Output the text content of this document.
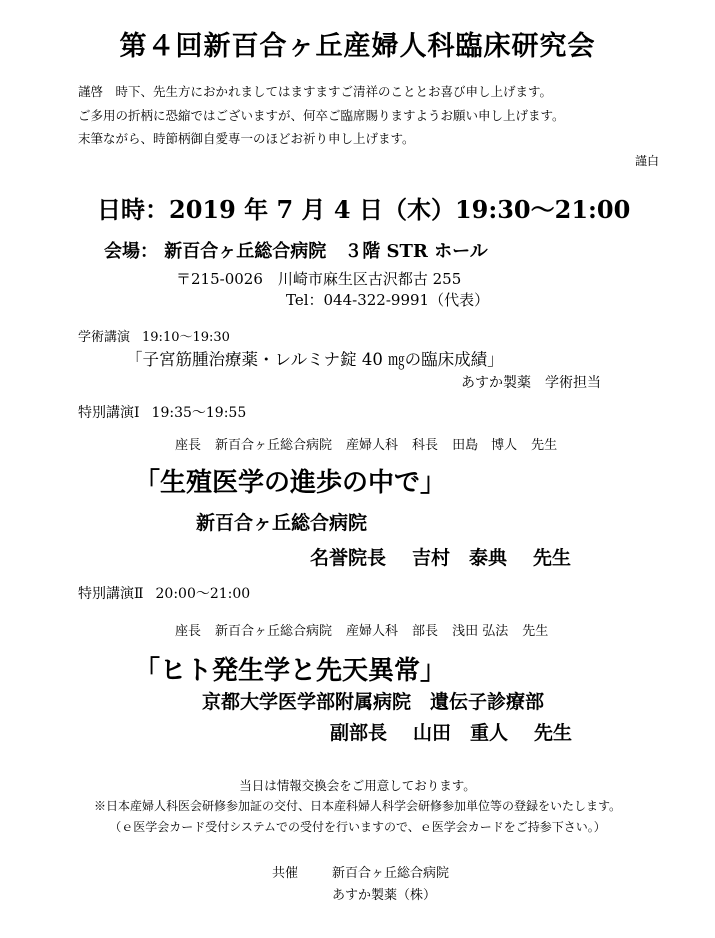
第４回新百合ヶ丘産婦人科臨床研究会
謹啓　時下、先生方におかれましてはますますご清祥のこととお喜び申し上げます。
ご多用の折柄に恐縮ではございますが、何卒ご臨席賜りますようお願い申し上げます。
末筆ながら、時節柄御自愛専一のほどお祈り申し上げます。
謹白
日時：2019 年 7 月 4 日（木）19:30～21:00
会場： 新百合ヶ丘総合病院　３階 STR ホール
〒215-0026　川崎市麻生区古沢都古 255
Tel：044-322-9991（代表）
学術講演 19:10～19:30
「子宮筋腫治療薬・レルミナ錠 40 ㎎の臨床成績」
あすか製薬　学術担当
特別講演Ⅰ 19:35～19:55
座長 新百合ヶ丘総合病院 産婦人科 科長 田島　博人 先生
「生殖医学の進歩の中で」
新百合ヶ丘総合病院
名誉院長 吉村　泰典 先生
特別講演Ⅱ 20:00～21:00
座長 新百合ヶ丘総合病院 産婦人科 部長 浅田 弘法 先生
「ヒト発生学と先天異常」
京都大学医学部附属病院　遺伝子診療部
副部長 山田　重人 先生
当日は情報交換会をご用意しております。
※日本産婦人科医会研修参加証の交付、日本産科婦人科学会研修参加単位等の登録をいたします。
（ｅ医学会カード受付システムでの受付を行いますので、ｅ医学会カードをご持参下さい。）
共催	新百合ヶ丘総合病院
あすか製薬（株）
